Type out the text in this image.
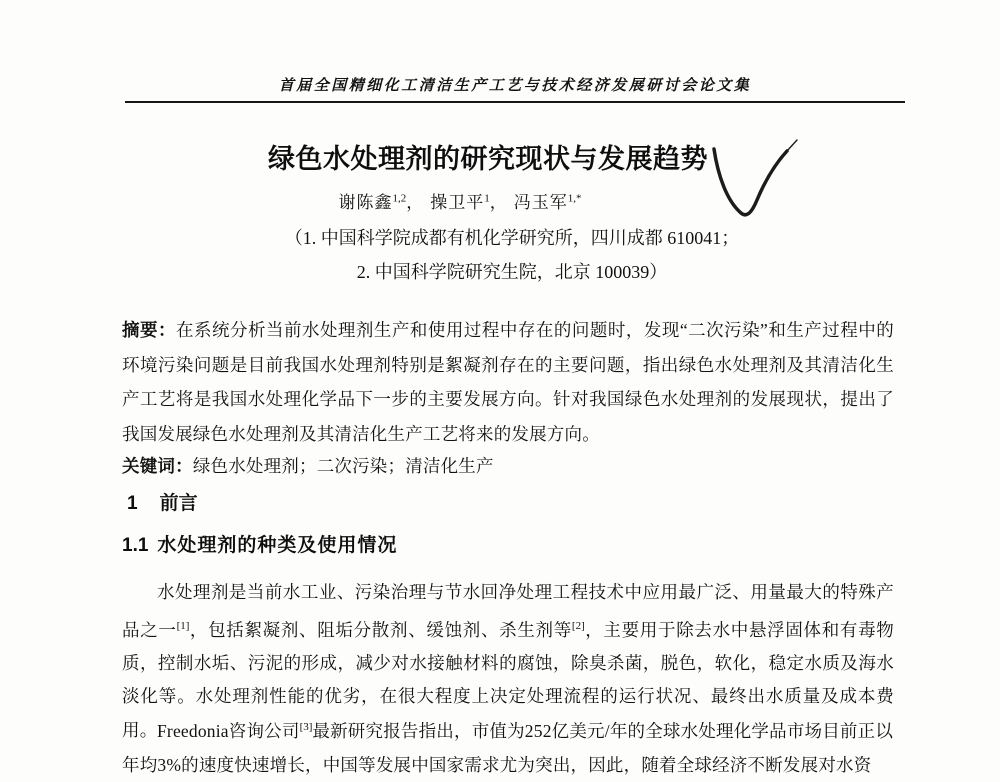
首届全国精细化工清洁生产工艺与技术经济发展研讨会论文集
绿色水处理剂的研究现状与发展趋势
谢陈鑫$^{1,2}$， 操卫平$^1$， 冯玉军$^{1,*}$
（1. 中国科学院成都有机化学研究所，四川成都 610041；
2. 中国科学院研究生院，北京 100039）

摘要：在系统分析当前水处理剂生产和使用过程中存在的问题时，发现“二次污染”和生产过程中的环境污染问题是目前我国水处理剂特别是絮凝剂存在的主要问题，指出绿色水处理剂及其清洁化生产工艺将是我国水处理化学品下一步的主要发展方向。针对我国绿色水处理剂的发展现状，提出了我国发展绿色水处理剂及其清洁化生产工艺将来的发展方向。

关键词：绿色水处理剂；二次污染；清洁化生产

1 前言
1.1 水处理剂的种类及使用情况

水处理剂是当前水工业、污染治理与节水回净处理工程技术中应用最广泛、用量最大的特殊产品之一[1]，包括絮凝剂、阻垢分散剂、缓蚀剂、杀生剂等[2]，主要用于除去水中悬浮固体和有毒物质，控制水垢、污泥的形成，减少对水接触材料的腐蚀，除臭杀菌，脱色，软化，稳定水质及海水淡化等。水处理剂性能的优劣，在很大程度上决定处理流程的运行状况、最终出水质量及成本费用。 Freedonia咨询公司[3]最新研究报告指出，市值为252亿美元/年的全球水处理化学品市场目前正以
年均3%的速度快速增长，中国等发展中国家需求尤为突出，因此，随着全球经济不断发展对水资
